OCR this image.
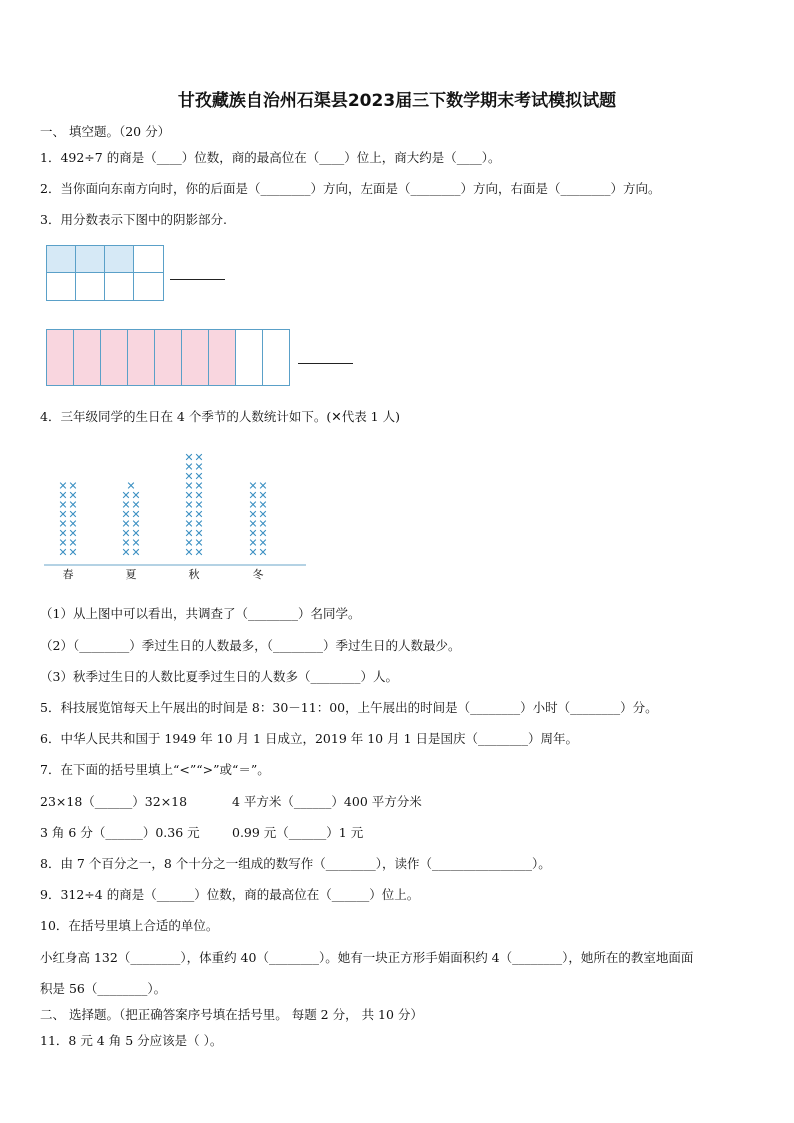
甘孜藏族自治州石渠县2023届三下数学期末考试模拟试题
一、 填空题。（20 分）
1．492÷7 的商是（____）位数，商的最高位在（____）位上，商大约是（____）。
2．当你面向东南方向时，你的后面是（________）方向，左面是（________）方向，右面是（________）方向。
3．用分数表示下图中的阴影部分.
4．三年级同学的生日在 4 个季节的人数统计如下。(✕代表 1 人)
✕ ✕
✕ ✕
✕ ✕
✕ ✕
✕ ✕
✕ ✕
✕ ✕
✕ ✕
春
✕ ✕
✕ ✕
✕ ✕
✕ ✕
✕ ✕
✕ ✕
✕ ✕
✕
夏
✕ ✕
✕ ✕
✕ ✕
✕ ✕
✕ ✕
✕ ✕
✕ ✕
✕ ✕
✕ ✕
✕ ✕
✕ ✕
秋
✕ ✕
✕ ✕
✕ ✕
✕ ✕
✕ ✕
✕ ✕
✕ ✕
✕ ✕
冬
（1）从上图中可以看出，共调查了（________）名同学。
（2）（________）季过生日的人数最多，（________）季过生日的人数最少。
（3）秋季过生日的人数比夏季过生日的人数多（________）人。
5．科技展览馆每天上午展出的时间是 8：30－11：00，上午展出的时间是（________）小时（________）分。
6．中华人民共和国于 1949 年 10 月 1 日成立，2019 年 10 月 1 日是国庆（________）周年。
7．在下面的括号里填上“<”“>”或“＝”。
23×18（______）32×18	4 平方米（______）400 平方分米
3 角 6 分（______）0.36 元	0.99 元（______）1 元
8．由 7 个百分之一，8 个十分之一组成的数写作（________），读作（________________）。
9．312÷4 的商是（______）位数，商的最高位在（______）位上。
10．在括号里填上合适的单位。
小红身高 132（________），体重约 40（________）。她有一块正方形手娟面积约 4（________），她所在的教室地面面
积是 56（________）。
二、 选择题。（把正确答案序号填在括号里。 每题 2 分， 共 10 分）
11．8 元 4 角 5 分应该是（ ）。
